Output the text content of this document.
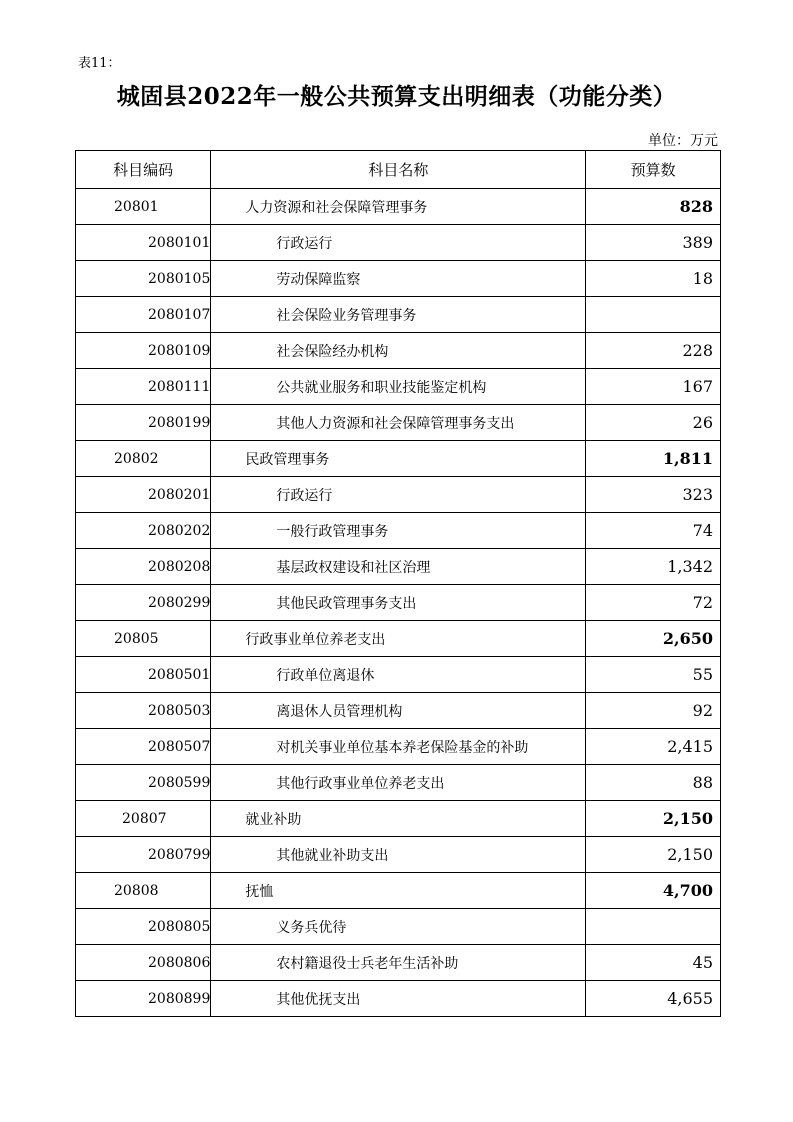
表11：
城固县2022年一般公共预算支出明细表（功能分类）
单位：万元
科目编码	科目名称	预算数
20801	人力资源和社会保障管理事务	828
2080101	行政运行	389
2080105	劳动保障监察	18
2080107	社会保险业务管理事务	
2080109	社会保险经办机构	228
2080111	公共就业服务和职业技能鉴定机构	167
2080199	其他人力资源和社会保障管理事务支出	26
20802	民政管理事务	1,811
2080201	行政运行	323
2080202	一般行政管理事务	74
2080208	基层政权建设和社区治理	1,342
2080299	其他民政管理事务支出	72
20805	行政事业单位养老支出	2,650
2080501	行政单位离退休	55
2080503	离退休人员管理机构	92
2080507	对机关事业单位基本养老保险基金的补助	2,415
2080599	其他行政事业单位养老支出	88
20807	就业补助	2,150
2080799	其他就业补助支出	2,150
20808	抚恤	4,700
2080805	义务兵优待	
2080806	农村籍退役士兵老年生活补助	45
2080899	其他优抚支出	4,655
